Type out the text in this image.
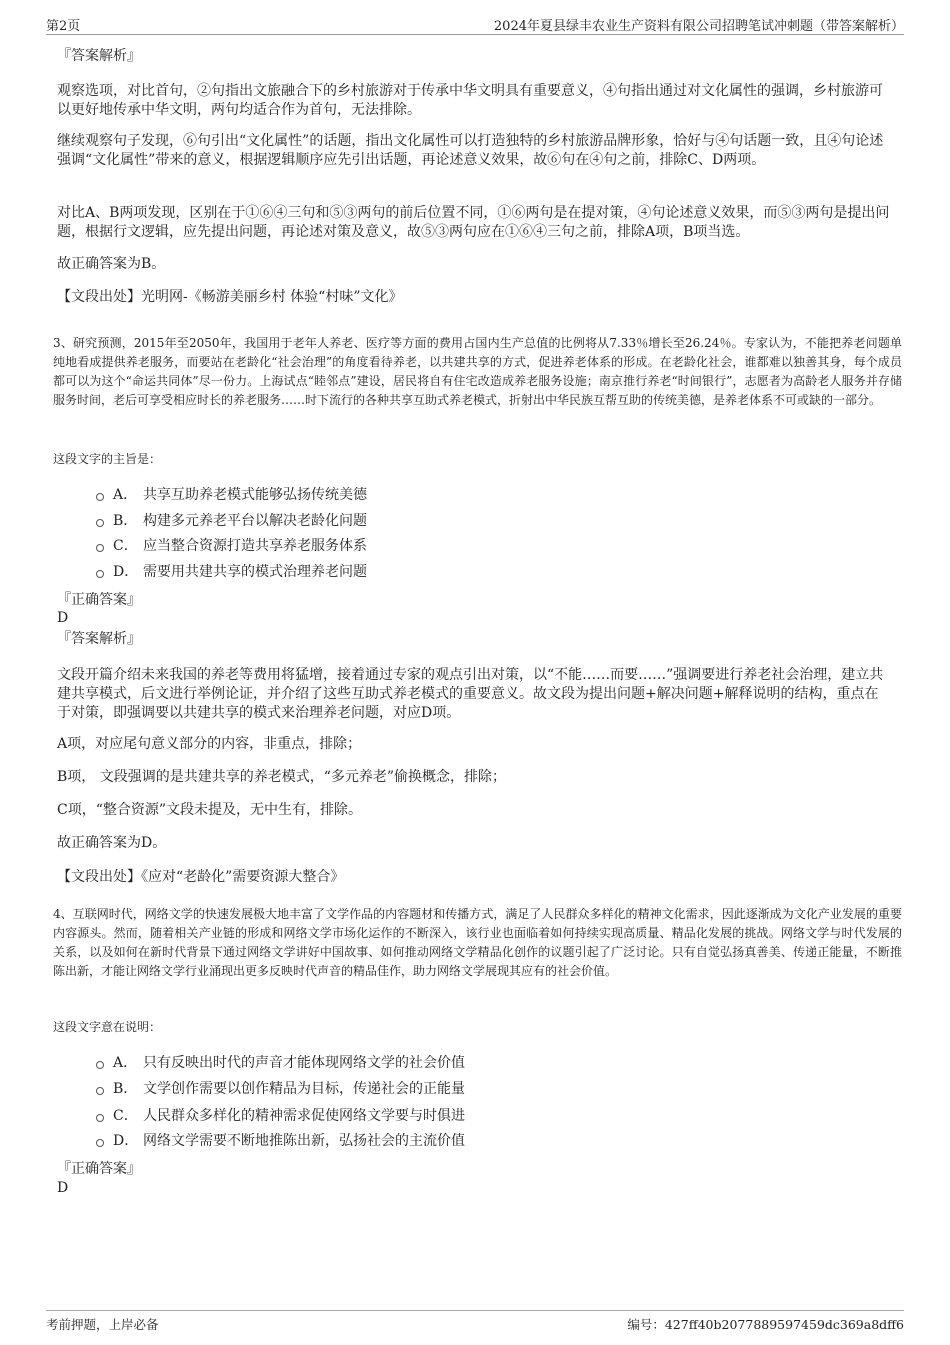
第2页	2024年夏县绿丰农业生产资料有限公司招聘笔试冲刺题（带答案解析）
『答案解析』
观察选项，对比首句，②句指出文旅融合下的乡村旅游对于传承中华文明具有重要意义，④句指出通过对文化属性的强调，乡村旅游可以更好地传承中华文明，两句均适合作为首句，无法排除。
继续观察句子发现，⑥句引出“文化属性”的话题，指出文化属性可以打造独特的乡村旅游品牌形象，恰好与④句话题一致，且④句论述强调“文化属性”带来的意义，根据逻辑顺序应先引出话题，再论述意义效果，故⑥句在④句之前，排除C、D两项。
对比A、B两项发现，区别在于①⑥④三句和⑤③两句的前后位置不同，①⑥两句是在提对策，④句论述意义效果，而⑤③两句是提出问题，根据行文逻辑，应先提出问题，再论述对策及意义，故⑤③两句应在①⑥④三句之前，排除A项，B项当选。
故正确答案为B。
【文段出处】光明网-《畅游美丽乡村 体验“村味”文化》
3、研究预测，2015年至2050年，我国用于老年人养老、医疗等方面的费用占国内生产总值的比例将从7.33％增长至26.24％。专家认为，不能把养老问题单纯地看成提供养老服务，而要站在老龄化“社会治理”的角度看待养老，以共建共享的方式，促进养老体系的形成。在老龄化社会，谁都难以独善其身，每个成员都可以为这个“命运共同体”尽一份力。上海试点“睦邻点”建设，居民将自有住宅改造成养老服务设施；南京推行养老“时间银行”，志愿者为高龄老人服务并存储服务时间，老后可享受相应时长的养老服务……时下流行的各种共享互助式养老模式，折射出中华民族互帮互助的传统美德，是养老体系不可或缺的一部分。
这段文字的主旨是：
A． 共享互助养老模式能够弘扬传统美德
B． 构建多元养老平台以解决老龄化问题
C． 应当整合资源打造共享养老服务体系
D． 需要用共建共享的模式治理养老问题
『正确答案』
D
『答案解析』
文段开篇介绍未来我国的养老等费用将猛增，接着通过专家的观点引出对策，以“不能……而要……”强调要进行养老社会治理，建立共建共享模式，后文进行举例论证，并介绍了这些互助式养老模式的重要意义。故文段为提出问题+解决问题+解释说明的结构，重点在于对策，即强调要以共建共享的模式来治理养老问题，对应D项。
A项，对应尾句意义部分的内容，非重点，排除；
B项， 文段强调的是共建共享的养老模式，“多元养老”偷换概念，排除；
C项，“整合资源”文段未提及，无中生有，排除。
故正确答案为D。
【文段出处】《应对“老龄化”需要资源大整合》
4、互联网时代，网络文学的快速发展极大地丰富了文学作品的内容题材和传播方式，满足了人民群众多样化的精神文化需求，因此逐渐成为文化产业发展的重要内容源头。然而，随着相关产业链的形成和网络文学市场化运作的不断深入，该行业也面临着如何持续实现高质量、精品化发展的挑战。网络文学与时代发展的关系，以及如何在新时代背景下通过网络文学讲好中国故事、如何推动网络文学精品化创作的议题引起了广泛讨论。只有自觉弘扬真善美、传递正能量，不断推陈出新，才能让网络文学行业涌现出更多反映时代声音的精品佳作，助力网络文学展现其应有的社会价值。
这段文字意在说明：
A． 只有反映出时代的声音才能体现网络文学的社会价值
B． 文学创作需要以创作精品为目标，传递社会的正能量
C． 人民群众多样化的精神需求促使网络文学要与时俱进
D． 网络文学需要不断地推陈出新，弘扬社会的主流价值
『正确答案』
D
考前押题，上岸必备	编号：427ff40b2077889597459dc369a8dff6
